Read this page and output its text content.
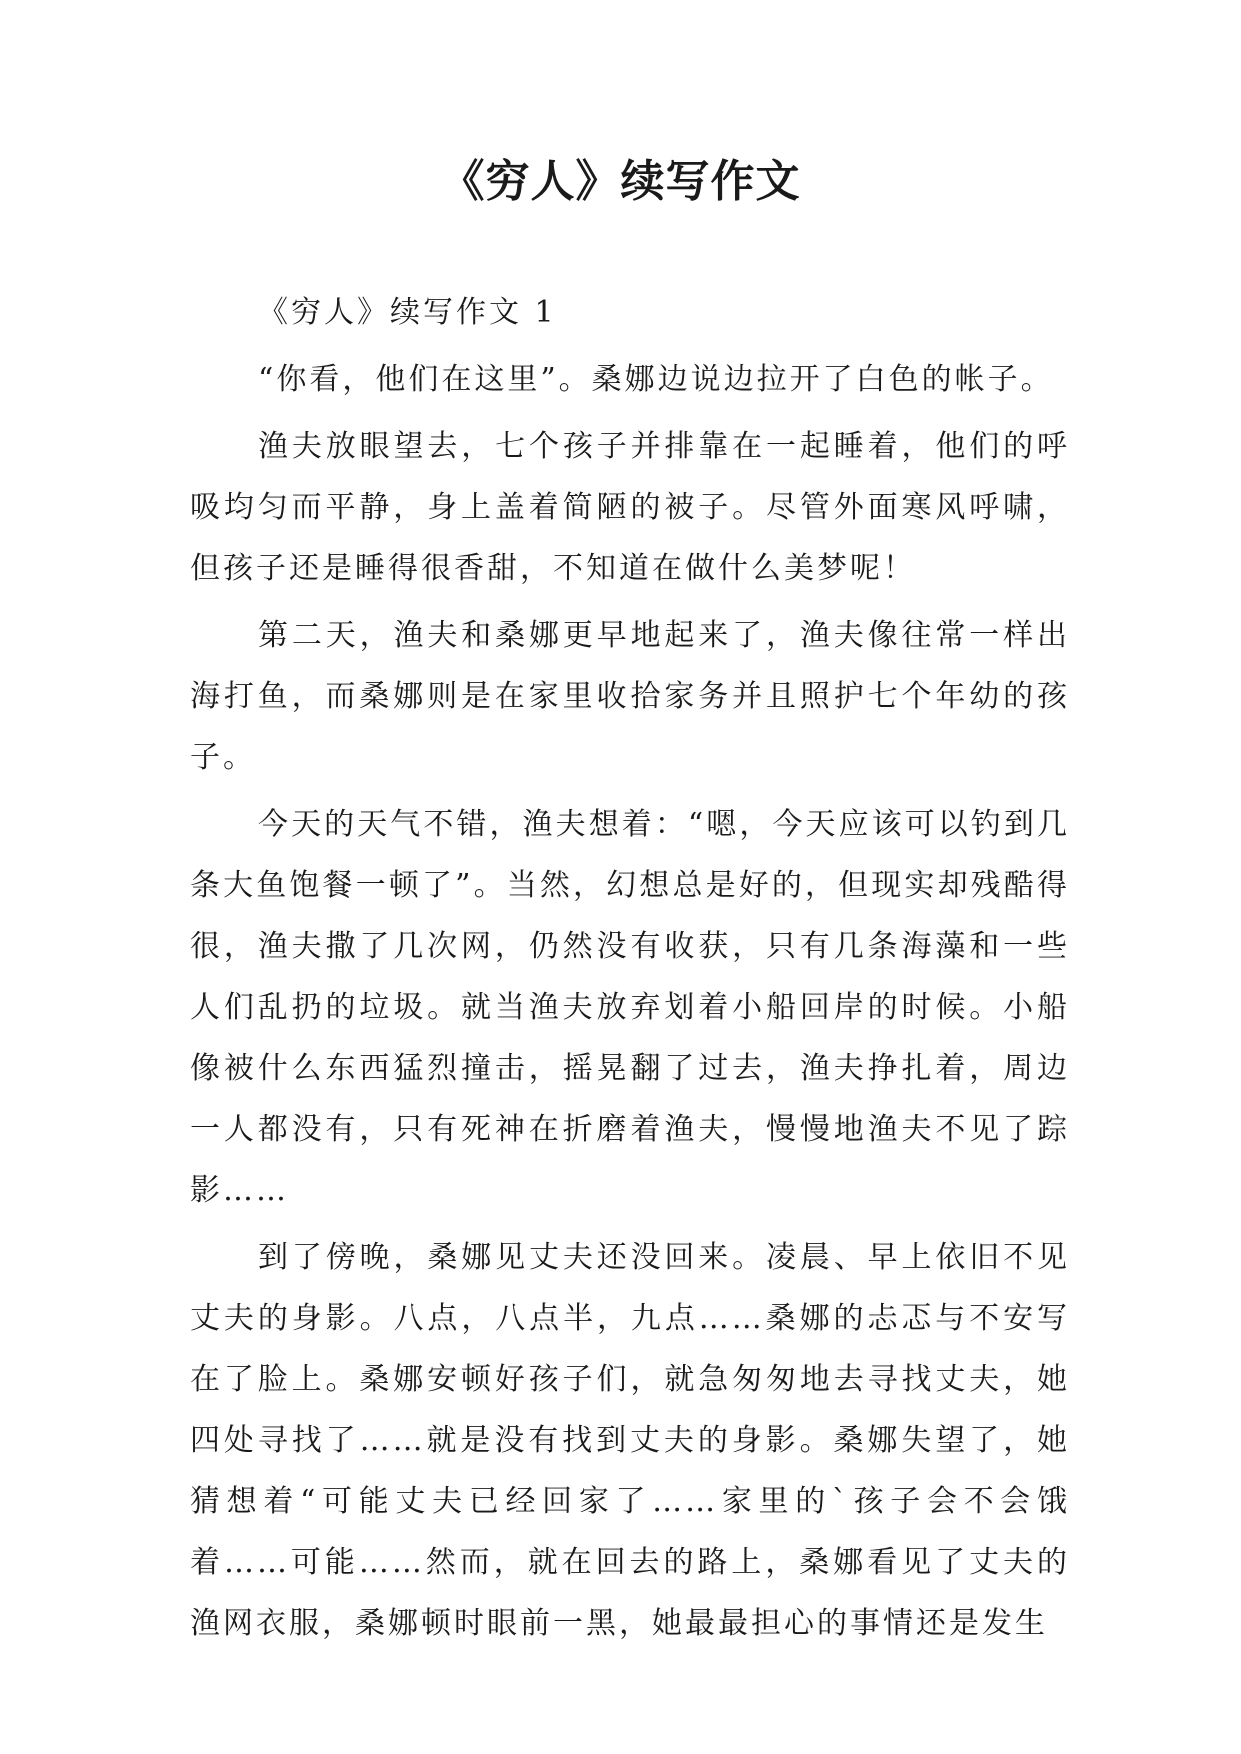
《穷人》续写作文

《穷人》续写作文 1

“你看，他们在这里”。桑娜边说边拉开了白色的帐子。

渔夫放眼望去，七个孩子并排靠在一起睡着，他们的呼吸均匀而平静，身上盖着简陋的被子。尽管外面寒风呼啸，但孩子还是睡得很香甜，不知道在做什么美梦呢！

第二天，渔夫和桑娜更早地起来了，渔夫像往常一样出海打鱼，而桑娜则是在家里收拾家务并且照护七个年幼的孩子。

今天的天气不错，渔夫想着：“嗯，今天应该可以钓到几条大鱼饱餐一顿了”。当然，幻想总是好的，但现实却残酷得很，渔夫撒了几次网，仍然没有收获，只有几条海藻和一些人们乱扔的垃圾。就当渔夫放弃划着小船回岸的时候。小船像被什么东西猛烈撞击，摇晃翻了过去，渔夫挣扎着，周边一人都没有，只有死神在折磨着渔夫，慢慢地渔夫不见了踪影……

到了傍晚，桑娜见丈夫还没回来。凌晨、早上依旧不见丈夫的身影。八点，八点半，九点……桑娜的忐忑与不安写在了脸上。桑娜安顿好孩子们，就急匆匆地去寻找丈夫，她四处寻找了……就是没有找到丈夫的身影。桑娜失望了，她猜想着“可能丈夫已经回家了……家里的`孩子会不会饿着……可能……然而，就在回去的路上，桑娜看见了丈夫的渔网衣服，桑娜顿时眼前一黑，她最最担心的事情还是发生
